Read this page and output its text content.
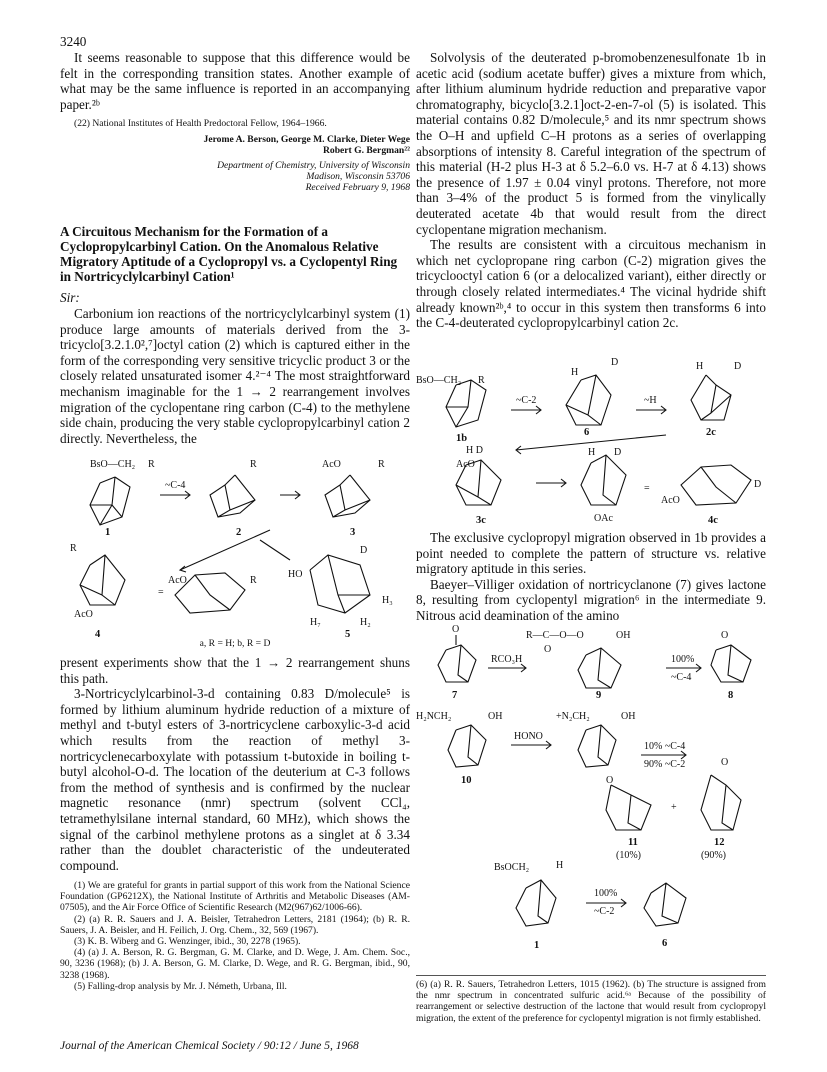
3240

It seems reasonable to suppose that this difference would be felt in the corresponding transition states. Another example of what may be the same influence is reported in an accompanying paper.²ᵇ

(22) National Institutes of Health Predoctoral Fellow, 1964–1966.

Jerome A. Berson, George M. Clarke, Dieter Wege
Robert G. Bergman²²
Department of Chemistry, University of Wisconsin
Madison, Wisconsin 53706
Received February 9, 1968
A Circuitous Mechanism for the Formation of a Cyclopropylcarbinyl Cation. On the Anomalous Relative Migratory Aptitude of a Cyclopropyl vs. a Cyclopentyl Ring in Nortricyclylcarbinyl Cation¹
Sir:

Carbonium ion reactions of the nortricyclylcarbinyl system (1) produce large amounts of materials derived from the 3-tricyclo[3.2.1.0²,⁷]octyl cation (2) which is captured either in the form of the corresponding very sensitive tricyclic product 3 or the closely related unsaturated isomer 4.²⁻⁴ The most straightforward mechanism imaginable for the 1 → 2 rearrangement involves migration of the cyclopentane ring carbon (C-4) to the methylene side chain, producing the very stable cyclopropylcarbinyl cation 2 directly. Nevertheless, the

BsO—CH₂ R
~C-4
R	AcO	R
1	2	3
R
=
AcO	R
HO
D
H₃
H₇	H₂
AcO
4	5
a, R = H; b, R = D

present experiments show that the 1 → 2 rearrangement shuns this path.

3-Nortricyclylcarbinol-3-d containing 0.83 D/molecule⁵ is formed by lithium aluminum hydride reduction of a mixture of methyl and t-butyl esters of 3-nortricyclene carboxylic-3-d acid which results from the reaction of methyl 3-nortricyclenecarboxylate with potassium t-butoxide in boiling t-butyl alcohol-O-d. The location of the deuterium at C-3 follows from the method of synthesis and is confirmed by the nuclear magnetic resonance (nmr) spectrum (solvent CCl₄, tetramethylsilane internal standard, 60 MHz), which shows the signal of the carbinol methylene protons as a singlet at δ 3.34 rather than the doublet characteristic of the undeuterated compound.

(1) We are grateful for grants in partial support of this work from the National Science Foundation (GP6212X), the National Institute of Arthritis and Metabolic Diseases (AM-07505), and the Air Force Office of Scientific Research (M2(967)62/1006-66).

(2) (a) R. R. Sauers and J. A. Beisler, Tetrahedron Letters, 2181 (1964); (b) R. R. Sauers, J. A. Beisler, and H. Feilich, J. Org. Chem., 32, 569 (1967).

(3) K. B. Wiberg and G. Wenzinger, ibid., 30, 2278 (1965).

(4) (a) J. A. Berson, R. G. Bergman, G. M. Clarke, and D. Wege, J. Am. Chem. Soc., 90, 3236 (1968); (b) J. A. Berson, G. M. Clarke, D. Wege, and R. G. Bergman, ibid., 90, 3238 (1968).

(5) Falling-drop analysis by Mr. J. Németh, Urbana, Ill.

Solvolysis of the deuterated p-bromobenzenesulfonate 1b in acetic acid (sodium acetate buffer) gives a mixture from which, after lithium aluminum hydride reduction and preparative vapor chromatography, bicyclo[3.2.1]oct-2-en-7-ol (5) is isolated. This material contains 0.82 D/molecule,⁵ and its nmr spectrum shows the O–H and upfield C–H protons as a series of overlapping absorptions of intensity 8. Careful integration of the spectrum of this material (H-2 plus H-3 at δ 5.2–6.0 vs. H-7 at δ 4.13) shows the presence of 1.97 ± 0.04 vinyl protons. Therefore, not more than 3–4% of the product 5 is formed from the vinylically deuterated acetate 4b that would result from the direct cyclopentane migration mechanism.

The results are consistent with a circuitous mechanism in which net cyclopropane ring carbon (C-2) migration gives the tricyclooctyl cation 6 (or a delocalized variant), either directly or through closely related intermediates.⁴ The vicinal hydride shift already known²ᵇ,⁴ to occur in this system then transforms 6 into the C-4-deuterated cyclopropylcarbinyl cation 2c.

BsO—CH₂ R
~C-2
H
D
~H
H	D
1b
6	2c
H D
AcO
H D
=
AcO
D
3c	OAc	4c

The exclusive cyclopropyl migration observed in 1b provides a point needed to complete the pattern of structure vs. relative migratory aptitude in this series.

Baeyer–Villiger oxidation of nortricyclanone (7) gives lactone 8, resulting from cyclopentyl migration⁶ in the intermediate 9. Nitrous acid deamination of the amino

O
R—C—O—O	OH
O
RCO₃H	100%
~C-4
O
7	9	8
H₂NCH₂	OH
HONO
+N₂CH₂	OH
10% ~C-4
90% ~C-2
10	O
+
O
11	12
(10%)	(90%)
BsOCH₂	H
100%
~C-2
1	6

(6) (a) R. R. Sauers, Tetrahedron Letters, 1015 (1962). (b) The structure is assigned from the nmr spectrum in concentrated sulfuric acid.⁶ᵃ Because of the possibility of rearrangement or selective destruction of the lactone that would result from cyclopropyl migration, the extent of the preference for cyclopentyl migration is not firmly established.

Journal of the American Chemical Society / 90:12 / June 5, 1968
